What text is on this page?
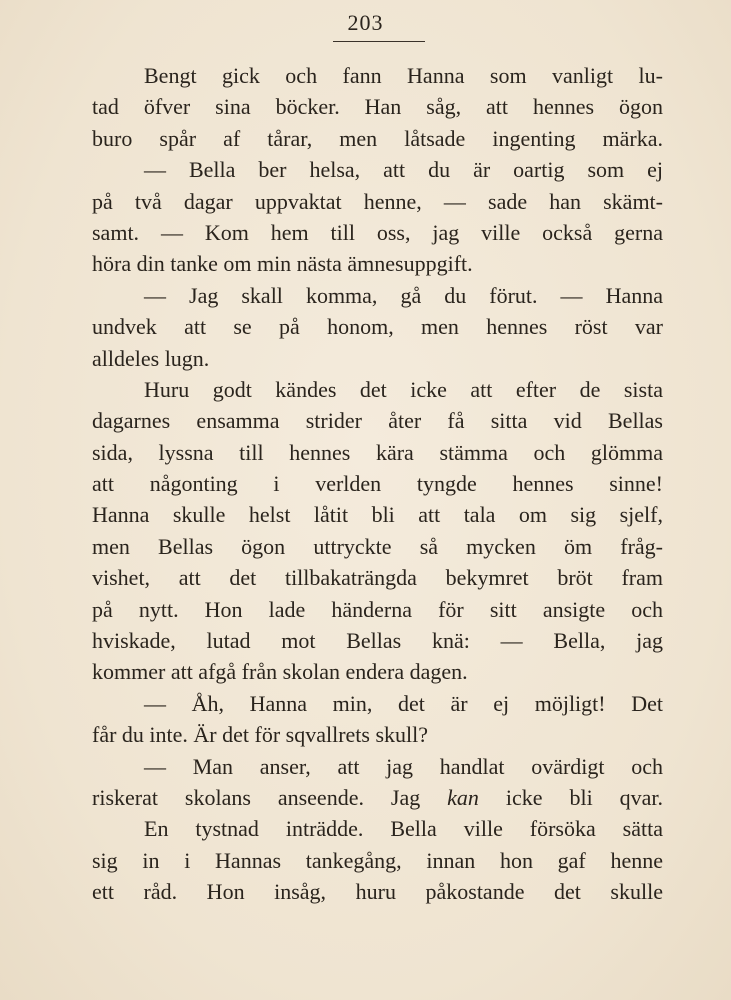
203
Bengt gick och fann Hanna som vanligt lu-
tad öfver sina böcker. Han såg, att hennes ögon
buro spår af tårar, men låtsade ingenting märka.
— Bella ber helsa, att du är oartig som ej
på två dagar uppvaktat henne, — sade han skämt-
samt. — Kom hem till oss, jag ville också gerna
höra din tanke om min nästa ämnesuppgift.
— Jag skall komma, gå du förut. — Hanna
undvek att se på honom, men hennes röst var
alldeles lugn.
Huru godt kändes det icke att efter de sista
dagarnes ensamma strider åter få sitta vid Bellas
sida, lyssna till hennes kära stämma och glömma
att någonting i verlden tyngde hennes sinne!
Hanna skulle helst låtit bli att tala om sig sjelf,
men Bellas ögon uttryckte så mycken öm fråg-
vishet, att det tillbakaträngda bekymret bröt fram
på nytt. Hon lade händerna för sitt ansigte och
hviskade, lutad mot Bellas knä: — Bella, jag
kommer att afgå från skolan endera dagen.
— Åh, Hanna min, det är ej möjligt! Det
får du inte. Är det för sqvallrets skull?
— Man anser, att jag handlat ovärdigt och
riskerat skolans anseende. Jag kan icke bli qvar.
En tystnad inträdde. Bella ville försöka sätta
sig in i Hannas tankegång, innan hon gaf henne
ett råd. Hon insåg, huru påkostande det skulle
